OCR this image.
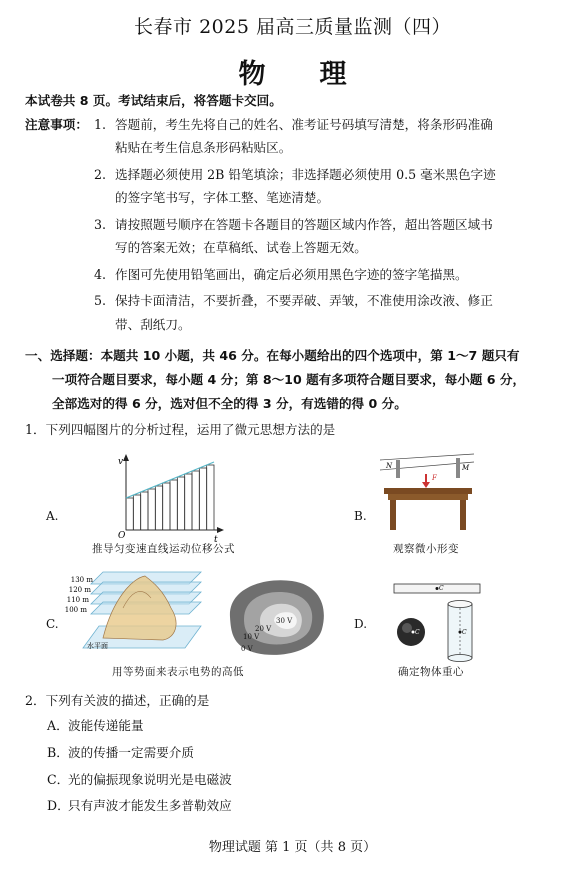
长春市 2025 届高三质量监测（四）
物　　理
本试卷共 8 页。考试结束后，将答题卡交回。
注意事项： 1. 答题前，考生先将自己的姓名、准考证号码填写清楚，将条形码准确
粘贴在考生信息条形码粘贴区。
2. 选择题必须使用 2B 铅笔填涂；非选择题必须使用 0.5 毫米黑色字迹
的签字笔书写，字体工整、笔迹清楚。
3. 请按照题号顺序在答题卡各题目的答题区域内作答，超出答题区域书
写的答案无效；在草稿纸、试卷上答题无效。
4. 作图可先使用铅笔画出，确定后必须用黑色字迹的签字笔描黑。
5. 保持卡面清洁，不要折叠，不要弄破、弄皱，不准使用涂改液、修正
带、刮纸刀。
一、选择题：本题共 10 小题，共 46 分。在每小题给出的四个选项中，第 1～7 题只有
一项符合题目要求，每小题 4 分；第 8～10 题有多项符合题目要求，每小题 6 分，
全部选对的得 6 分，选对但不全的得 3 分，有选错的得 0 分。
1．下列四幅图片的分析过程，运用了微元思想方法的是
A.
v
t
O
推导匀变速直线运动位移公式
B.
N	M
F
观察微小形变
C.
130 m
120 m
110 m
100 m
水平面
30 V
20 V
10 V
0 V
用等势面来表示电势的高低
D.
C
C	C
确定物体重心
2．下列有关波的描述，正确的是
A． 波能传递能量
B． 波的传播一定需要介质
C．
光的偏振现象说明光是电磁波
D．
只有声波才能发生多普勒效应
物理试题 第 1 页（共 8 页）
